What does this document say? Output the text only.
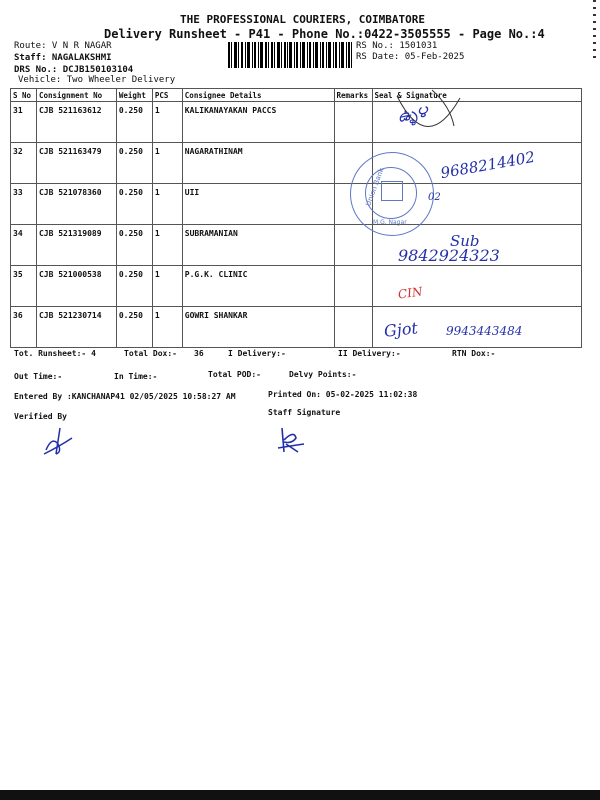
THE PROFESSIONAL COURIERS, COIMBATORE
Delivery Runsheet - P41 - Phone No.:0422-3505555 - Page No.:4
Route: V N R NAGAR
Staff: NAGALAKSHMI
DRS No.: DCJB150103104
Vehicle: Two Wheeler Delivery
RS No.: 1501031
RS Date: 05-Feb-2025
S No	Consignment No	Weight	PCS	Consignee Details	Remarks	Seal & Signature
31	CJB 521163612	0.250	1	KALIKANAYAKAN PACCS		
32	CJB 521163479	0.250	1	NAGARATHINAM		
33	CJB 521078360	0.250	1	UII		
34	CJB 521319089	0.250	1	SUBRAMANIAN		
35	CJB 521000538	0.250	1	P.G.K. CLINIC		
36	CJB 521230714	0.250	1	GOWRI SHANKAR		
Union Bank
M.G. Nagar
02
ఉ్ళ౪
9688214402
Sub
9842924323
CIN
Gjot 9943443484
Tot. Runsheet:- 4	Total Dox:- 36	I Delivery:-	II Delivery:-	RTN Dox:-
Out Time:-	In Time:-	Total POD:-	Delvy Points:-
Entered By :KANCHANAP41 02/05/2025 10:58:27 AM	Printed On: 05-02-2025 11:02:38
Verified By	Staff Signature
